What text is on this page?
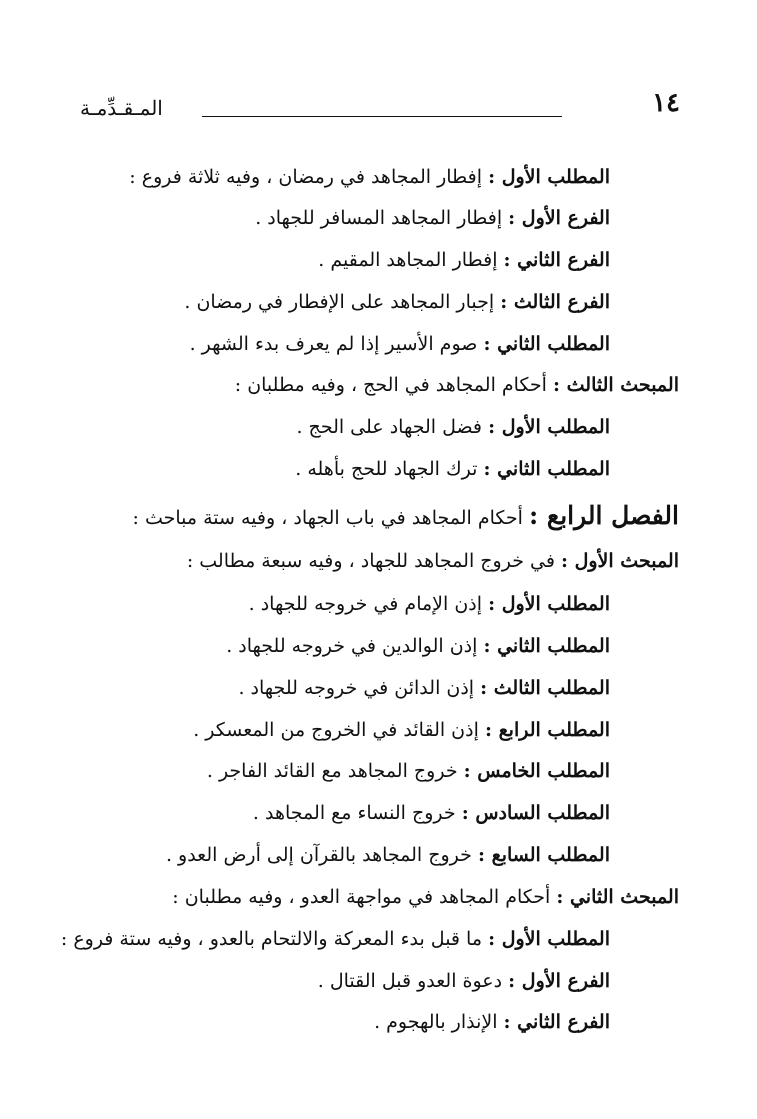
١٤
المـقـدِّمـة
المطلب الأول : إفطار المجاهد في رمضان ، وفيه ثلاثة فروع :
الفرع الأول : إفطار المجاهد المسافر للجهاد .
الفرع الثاني : إفطار المجاهد المقيم .
الفرع الثالث : إجبار المجاهد على الإفطار في رمضان .
المطلب الثاني : صوم الأسير إذا لم يعرف بدء الشهر .
المبحث الثالث : أحكام المجاهد في الحج ، وفيه مطلبان :
المطلب الأول : فضل الجهاد على الحج .
المطلب الثاني : ترك الجهاد للحج بأهله .
الفصل الرابع : أحكام المجاهد في باب الجهاد ، وفيه ستة مباحث :
المبحث الأول : في خروج المجاهد للجهاد ، وفيه سبعة مطالب :
المطلب الأول : إذن الإمام في خروجه للجهاد .
المطلب الثاني : إذن الوالدين في خروجه للجهاد .
المطلب الثالث : إذن الدائن في خروجه للجهاد .
المطلب الرابع : إذن القائد في الخروج من المعسكر .
المطلب الخامس : خروج المجاهد مع القائد الفاجر .
المطلب السادس : خروج النساء مع المجاهد .
المطلب السابع : خروج المجاهد بالقرآن إلى أرض العدو .
المبحث الثاني : أحكام المجاهد في مواجهة العدو ، وفيه مطلبان :
المطلب الأول : ما قبل بدء المعركة والالتحام بالعدو ، وفيه ستة فروع :
الفرع الأول : دعوة العدو قبل القتال .
الفرع الثاني : الإنذار بالهجوم .
